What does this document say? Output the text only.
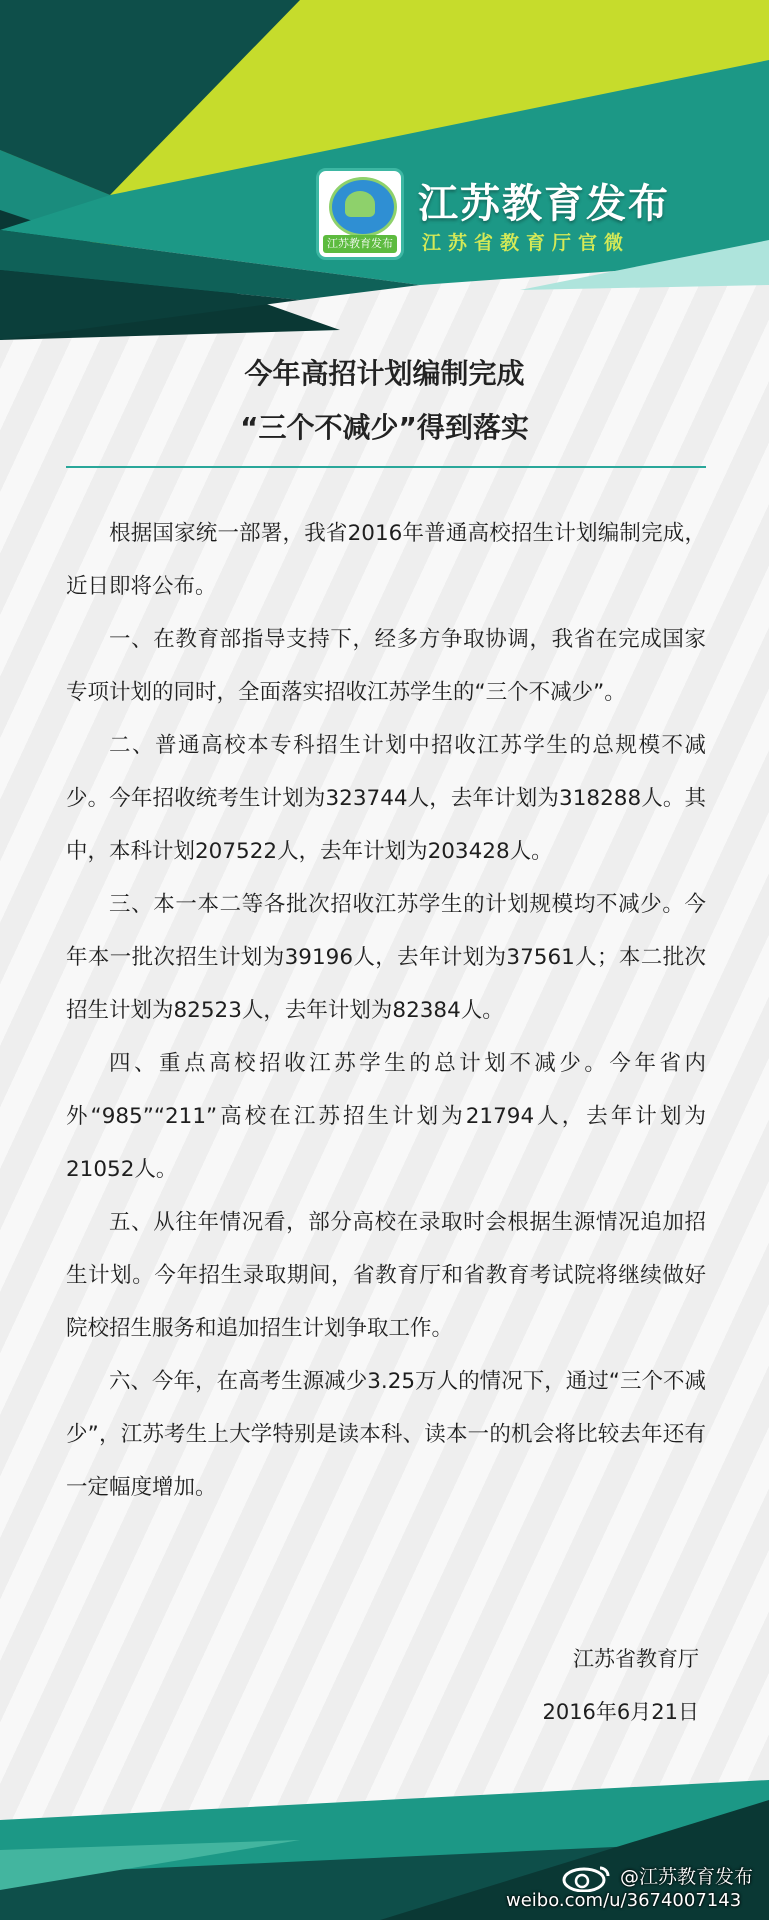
江苏教育发布
江苏教育发布
江苏省教育厅官微
今年高招计划编制完成
“三个不减少”得到落实

根据国家统一部署，我省2016年普通高校招生计划编制完成，近日即将公布。

一、在教育部指导支持下，经多方争取协调，我省在完成国家专项计划的同时，全面落实招收江苏学生的“三个不减少”。

二、普通高校本专科招生计划中招收江苏学生的总规模不减少。今年招收统考生计划为323744人，去年计划为318288人。其中，本科计划207522人，去年计划为203428人。

三、本一本二等各批次招收江苏学生的计划规模均不减少。今年本一批次招生计划为39196人，去年计划为37561人；本二批次招生计划为82523人，去年计划为82384人。

四、重点高校招收江苏学生的总计划不减少。今年省内外“985”“211”高校在江苏招生计划为21794人，去年计划为21052人。

五、从往年情况看，部分高校在录取时会根据生源情况追加招生计划。今年招生录取期间，省教育厅和省教育考试院将继续做好院校招生服务和追加招生计划争取工作。

六、今年，在高考生源减少3.25万人的情况下，通过“三个不减少”，江苏考生上大学特别是读本科、读本一的机会将比较去年还有一定幅度增加。

江苏省教育厅
2016年6月21日
@江苏教育发布
weibo.com/u/3674007143
